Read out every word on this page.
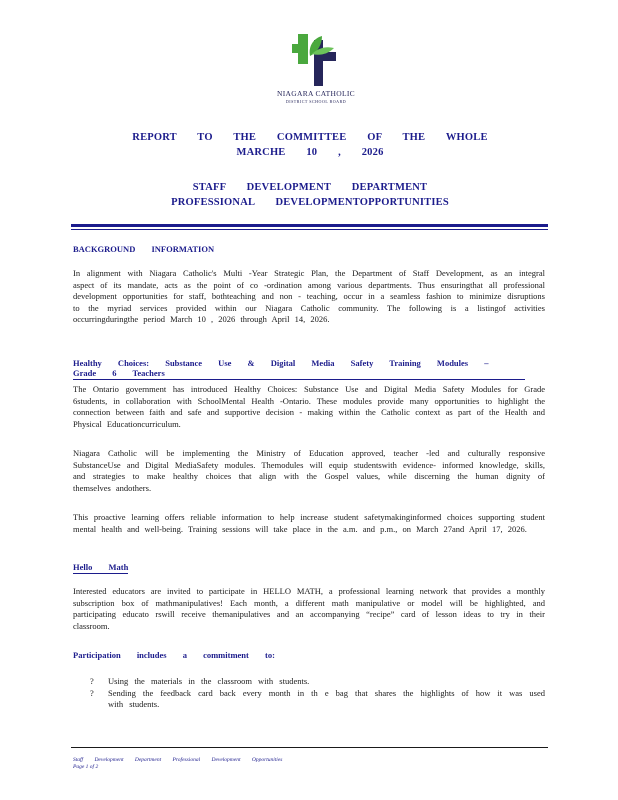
NIAGARA CATHOLIC
DISTRICT SCHOOL BOARD
REPORT TO THE COMMITTEE OF THE WHOLE
MARCHE 10 , 2026
STAFF DEVELOPMENT DEPARTMENT
PROFESSIONAL DEVELOPMENTOPPORTUNITIES
BACKGROUND INFORMATION
In alignment with Niagara Catholic's Multi -Year Strategic Plan, the Department of Staff Development, as an integral aspect of its mandate, acts as the point of co -ordination among various departments. Thus ensuringthat all professional development opportunities for staff, bothteaching and non - teaching, occur in a seamless fashion to minimize disruptions to the myriad services provided within our Niagara Catholic community. The following is a listingof activities occurringduringthe period March 10 , 2026 through April 14, 2026.
Healthy Choices: Substance Use & Digital Media Safety Training Modules – Grade 6 Teachers
The Ontario government has introduced Healthy Choices: Substance Use and Digital Media Safety Modules for Grade 6students, in collaboration with SchoolMental Health -Ontario. These modules provide many opportunities to highlight the connection between faith and safe and supportive decision - making within the Catholic context as part of the Health and Physical Educationcurriculum.
Niagara Catholic will be implementing the Ministry of Education approved, teacher -led and culturally responsive SubstanceUse and Digital MediaSafety modules. Themodules will equip studentswith evidence- informed knowledge, skills, and strategies to make healthy choices that align with the Gospel values, while discerning the human dignity of themselves andothers.
This proactive learning offers reliable information to help increase student safetymakinginformed choices supporting student mental health and well-being. Training sessions will take place in the a.m. and p.m., on March 27and April 17, 2026.
Hello Math
Interested educators are invited to participate in HELLO MATH, a professional learning network that provides a monthly subscription box of mathmanipulatives! Each month, a different math manipulative or model will be highlighted, and participating educato rswill receive themanipulatives and an accompanying “recipe” card of lesson ideas to try in their classroom.
Participation includes a commitment to:
?	Using the materials in the classroom with students.
?	Sending the feedback card back every month in th e bag that shares the highlights of how it was used with students.
Staff Development Department Professional Development Opportunities
Page 1 of 2
